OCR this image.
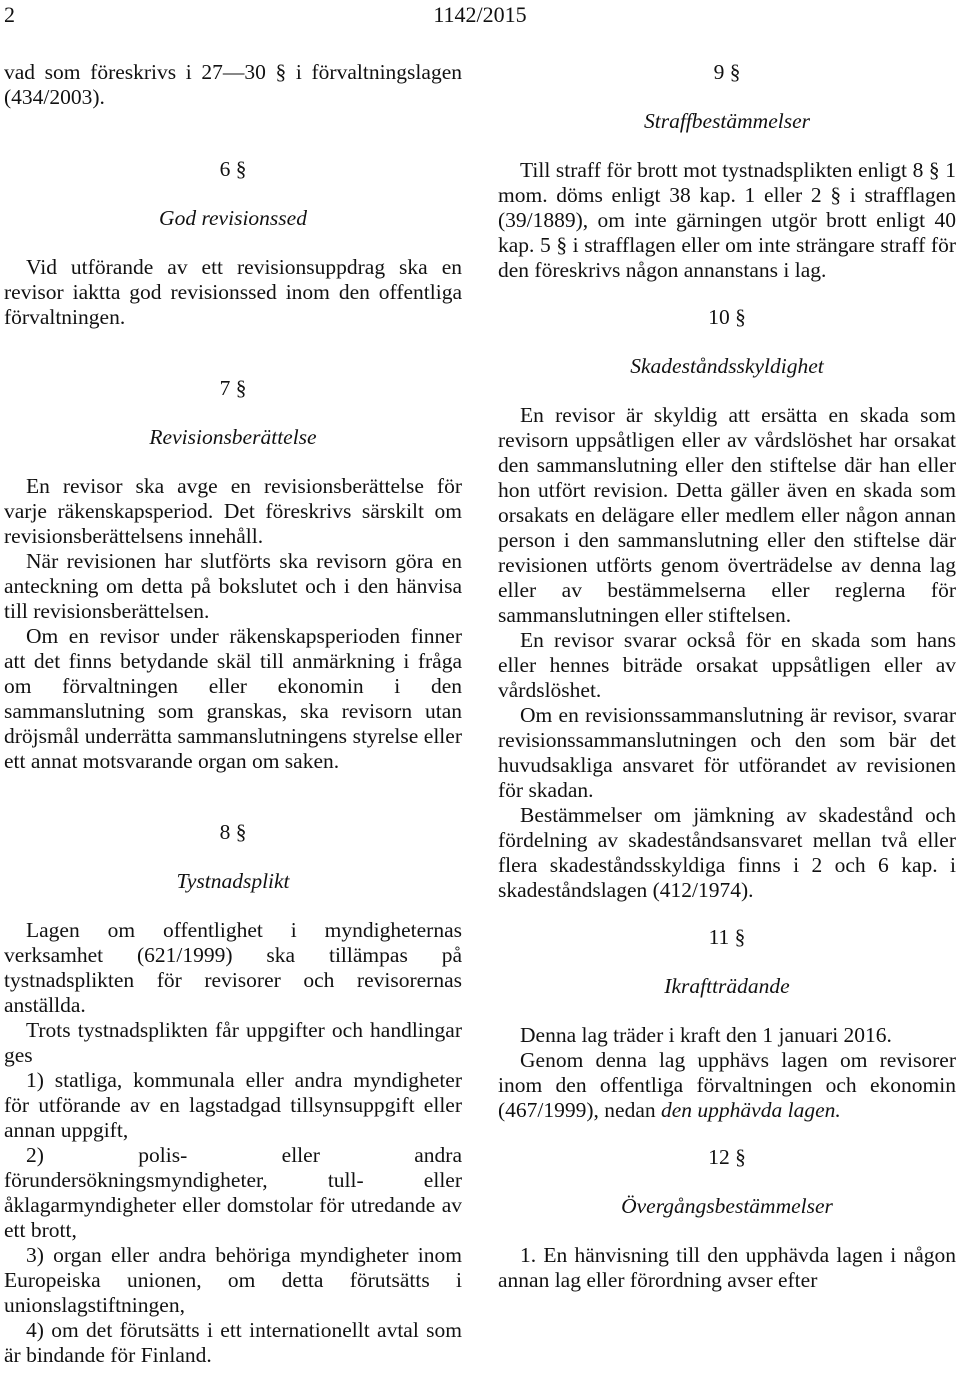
2	1142/2015

vad som föreskrivs i 27—30 § i förvaltningslagen (434/2003).

6 §
God revisionssed

Vid utförande av ett revisionsuppdrag ska en revisor iaktta god revisionssed inom den offentliga förvaltningen.

7 §
Revisionsberättelse

En revisor ska avge en revisionsberättelse för varje räkenskapsperiod. Det föreskrivs särskilt om revisionsberättelsens innehåll.

När revisionen har slutförts ska revisorn göra en anteckning om detta på bokslutet och i den hänvisa till revisionsberättelsen.

Om en revisor under räkenskapsperioden finner att det finns betydande skäl till anmärkning i fråga om förvaltningen eller ekonomin i den sammanslutning som granskas, ska revisorn utan dröjsmål underrätta sammanslutningens styrelse eller ett annat motsvarande organ om saken.

8 §
Tystnadsplikt

Lagen om offentlighet i myndigheternas verksamhet (621/1999) ska tillämpas på tystnadsplikten för revisorer och revisorernas anställda.

Trots tystnadsplikten får uppgifter och handlingar ges

1) statliga, kommunala eller andra myndigheter för utförande av en lagstadgad tillsynsuppgift eller annan uppgift,

2) polis- eller andra förundersökningsmyndigheter, tull- eller åklagarmyndigheter eller domstolar för utredande av ett brott,

3) organ eller andra behöriga myndigheter inom Europeiska unionen, om detta förutsätts i unionslagstiftningen,

4) om det förutsätts i ett internationellt avtal som är bindande för Finland.

9 §
Straffbestämmelser

Till straff för brott mot tystnadsplikten enligt 8 § 1 mom. döms enligt 38 kap. 1 eller 2 § i strafflagen (39/1889), om inte gärningen utgör brott enligt 40 kap. 5 § i strafflagen eller om inte strängare straff för den föreskrivs någon annanstans i lag.

10 §
Skadeståndsskyldighet

En revisor är skyldig att ersätta en skada som revisorn uppsåtligen eller av vårdslöshet har orsakat den sammanslutning eller den stiftelse där han eller hon utfört revision. Detta gäller även en skada som orsakats en delägare eller medlem eller någon annan person i den sammanslutning eller den stiftelse där revisionen utförts genom överträdelse av denna lag eller av bestämmelserna eller reglerna för sammanslutningen eller stiftelsen.

En revisor svarar också för en skada som hans eller hennes biträde orsakat uppsåtligen eller av vårdslöshet.

Om en revisionssammanslutning är revisor, svarar revisionssammanslutningen och den som bär det huvudsakliga ansvaret för utförandet av revisionen för skadan.

Bestämmelser om jämkning av skadestånd och fördelning av skadeståndsansvaret mellan två eller flera skadeståndsskyldiga finns i 2 och 6 kap. i skadeståndslagen (412/1974).

11 §
Ikraftträdande

Denna lag träder i kraft den 1 januari 2016.

Genom denna lag upphävs lagen om revisorer inom den offentliga förvaltningen och ekonomin (467/1999), nedan den upphävda lagen.

12 §
Övergångsbestämmelser

1. En hänvisning till den upphävda lagen i någon annan lag eller förordning avser efter
